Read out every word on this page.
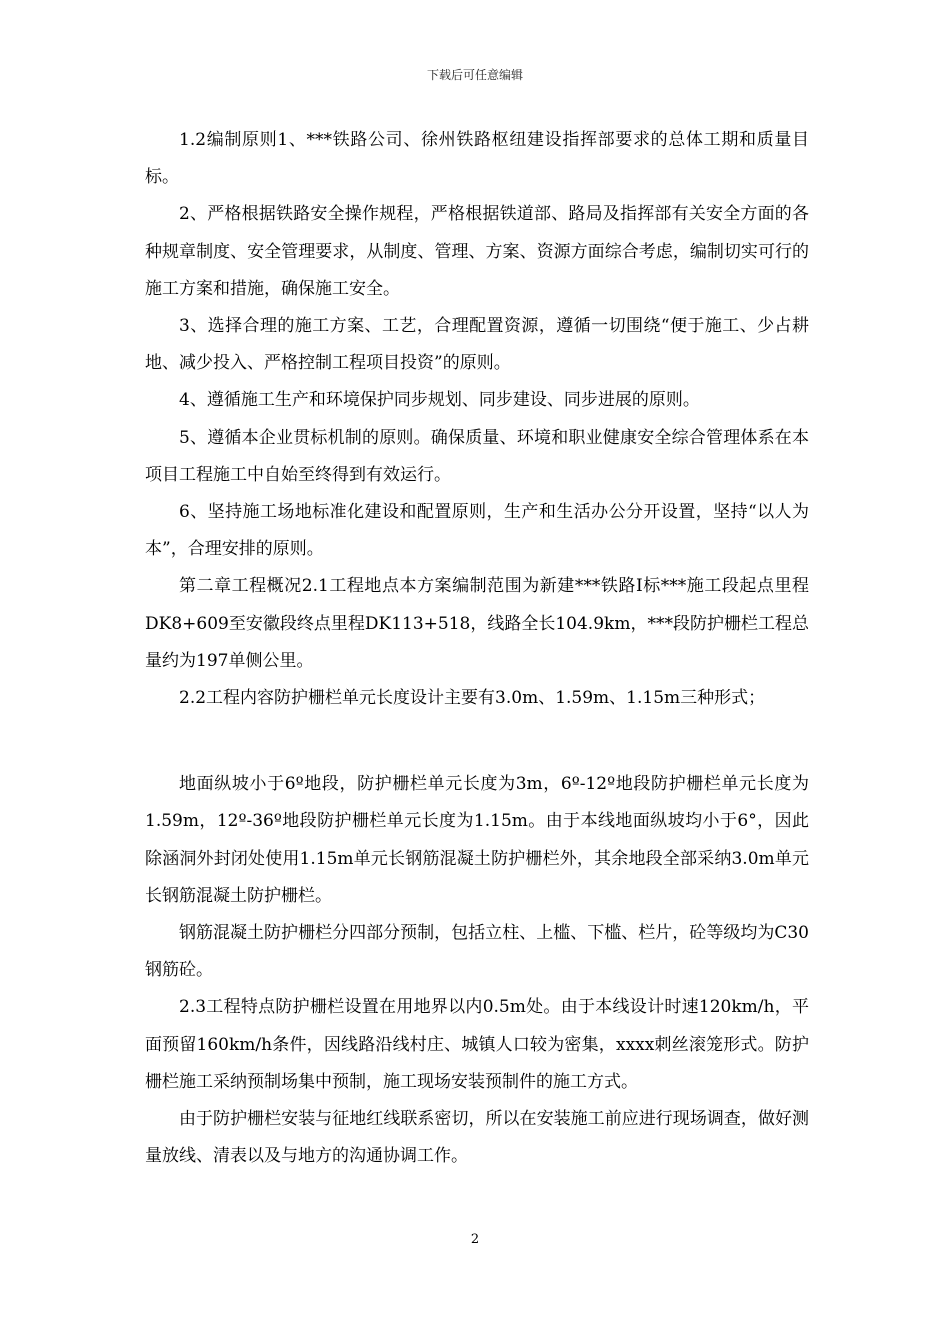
下载后可任意编辑

1.2编制原则1、***铁路公司、徐州铁路枢纽建设指挥部要求的总体工期和质量目标。

2、严格根据铁路安全操作规程，严格根据铁道部、路局及指挥部有关安全方面的各种规章制度、安全管理要求，从制度、管理、方案、资源方面综合考虑，编制切实可行的施工方案和措施，确保施工安全。

3、选择合理的施工方案、工艺，合理配置资源，遵循一切围绕“便于施工、少占耕地、减少投入、严格控制工程项目投资”的原则。

4、遵循施工生产和环境保护同步规划、同步建设、同步进展的原则。

5、遵循本企业贯标机制的原则。确保质量、环境和职业健康安全综合管理体系在本项目工程施工中自始至终得到有效运行。

6、坚持施工场地标准化建设和配置原则，生产和生活办公分开设置，坚持“以人为本”，合理安排的原则。

第二章工程概况2.1工程地点本方案编制范围为新建***铁路Ⅰ标***施工段起点里程DK8+609至安徽段终点里程DK113+518，线路全长104.9km，***段防护栅栏工程总量约为197单侧公里。

2.2工程内容防护栅栏单元长度设计主要有3.0m、1.59m、1.15m三种形式；

地面纵坡小于6º地段，防护栅栏单元长度为3m，6º-12º地段防护栅栏单元长度为1.59m，12º-36º地段防护栅栏单元长度为1.15m。由于本线地面纵坡均小于6°，因此除涵洞外封闭处使用1.15m单元长钢筋混凝土防护栅栏外，其余地段全部采纳3.0m单元长钢筋混凝土防护栅栏。

钢筋混凝土防护栅栏分四部分预制，包括立柱、上槛、下槛、栏片，砼等级均为C30钢筋砼。

2.3工程特点防护栅栏设置在用地界以内0.5m处。由于本线设计时速120km/h，平面预留160km/h条件，因线路沿线村庄、城镇人口较为密集，xxxx刺丝滚笼形式。防护栅栏施工采纳预制场集中预制，施工现场安装预制件的施工方式。

由于防护栅栏安装与征地红线联系密切，所以在安装施工前应进行现场调查，做好测量放线、清表以及与地方的沟通协调工作。

2
